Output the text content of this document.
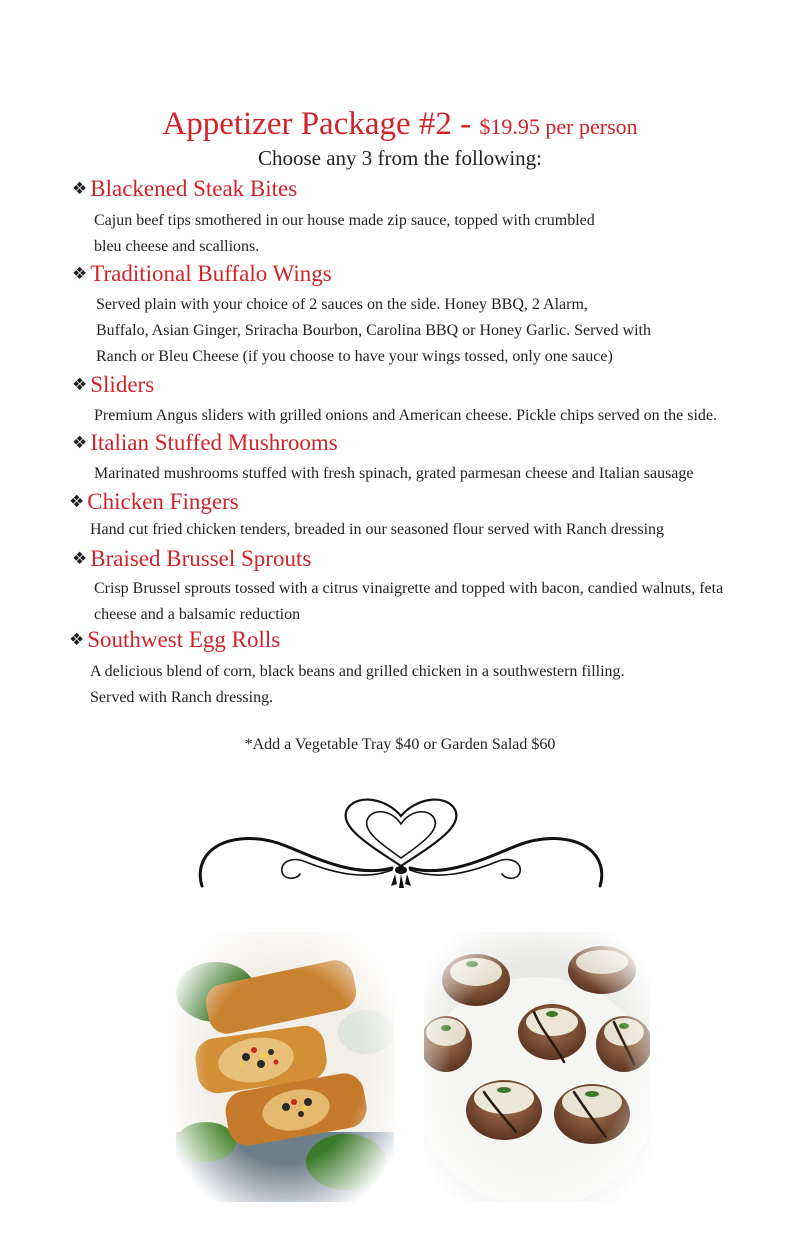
Appetizer Package #2 - $19.95 per person
Choose any 3 from the following:
❖ Blackened Steak Bites
Cajun beef tips smothered in our house made zip sauce, topped with crumbled
bleu cheese and scallions.
❖ Traditional Buffalo Wings
Served plain with your choice of 2 sauces on the side. Honey BBQ, 2 Alarm,
Buffalo, Asian Ginger, Sriracha Bourbon, Carolina BBQ or Honey Garlic. Served with
Ranch or Bleu Cheese (if you choose to have your wings tossed, only one sauce)
❖ Sliders
Premium Angus sliders with grilled onions and American cheese. Pickle chips served on the side.
❖ Italian Stuffed Mushrooms
Marinated mushrooms stuffed with fresh spinach, grated parmesan cheese and Italian sausage
❖ Chicken Fingers
Hand cut fried chicken tenders, breaded in our seasoned flour served with Ranch dressing
❖ Braised Brussel Sprouts
Crisp Brussel sprouts tossed with a citrus vinaigrette and topped with bacon, candied walnuts, feta
cheese and a balsamic reduction
❖ Southwest Egg Rolls
A delicious blend of corn, black beans and grilled chicken in a southwestern filling.
Served with Ranch dressing.
*Add a Vegetable Tray $40 or Garden Salad $60
